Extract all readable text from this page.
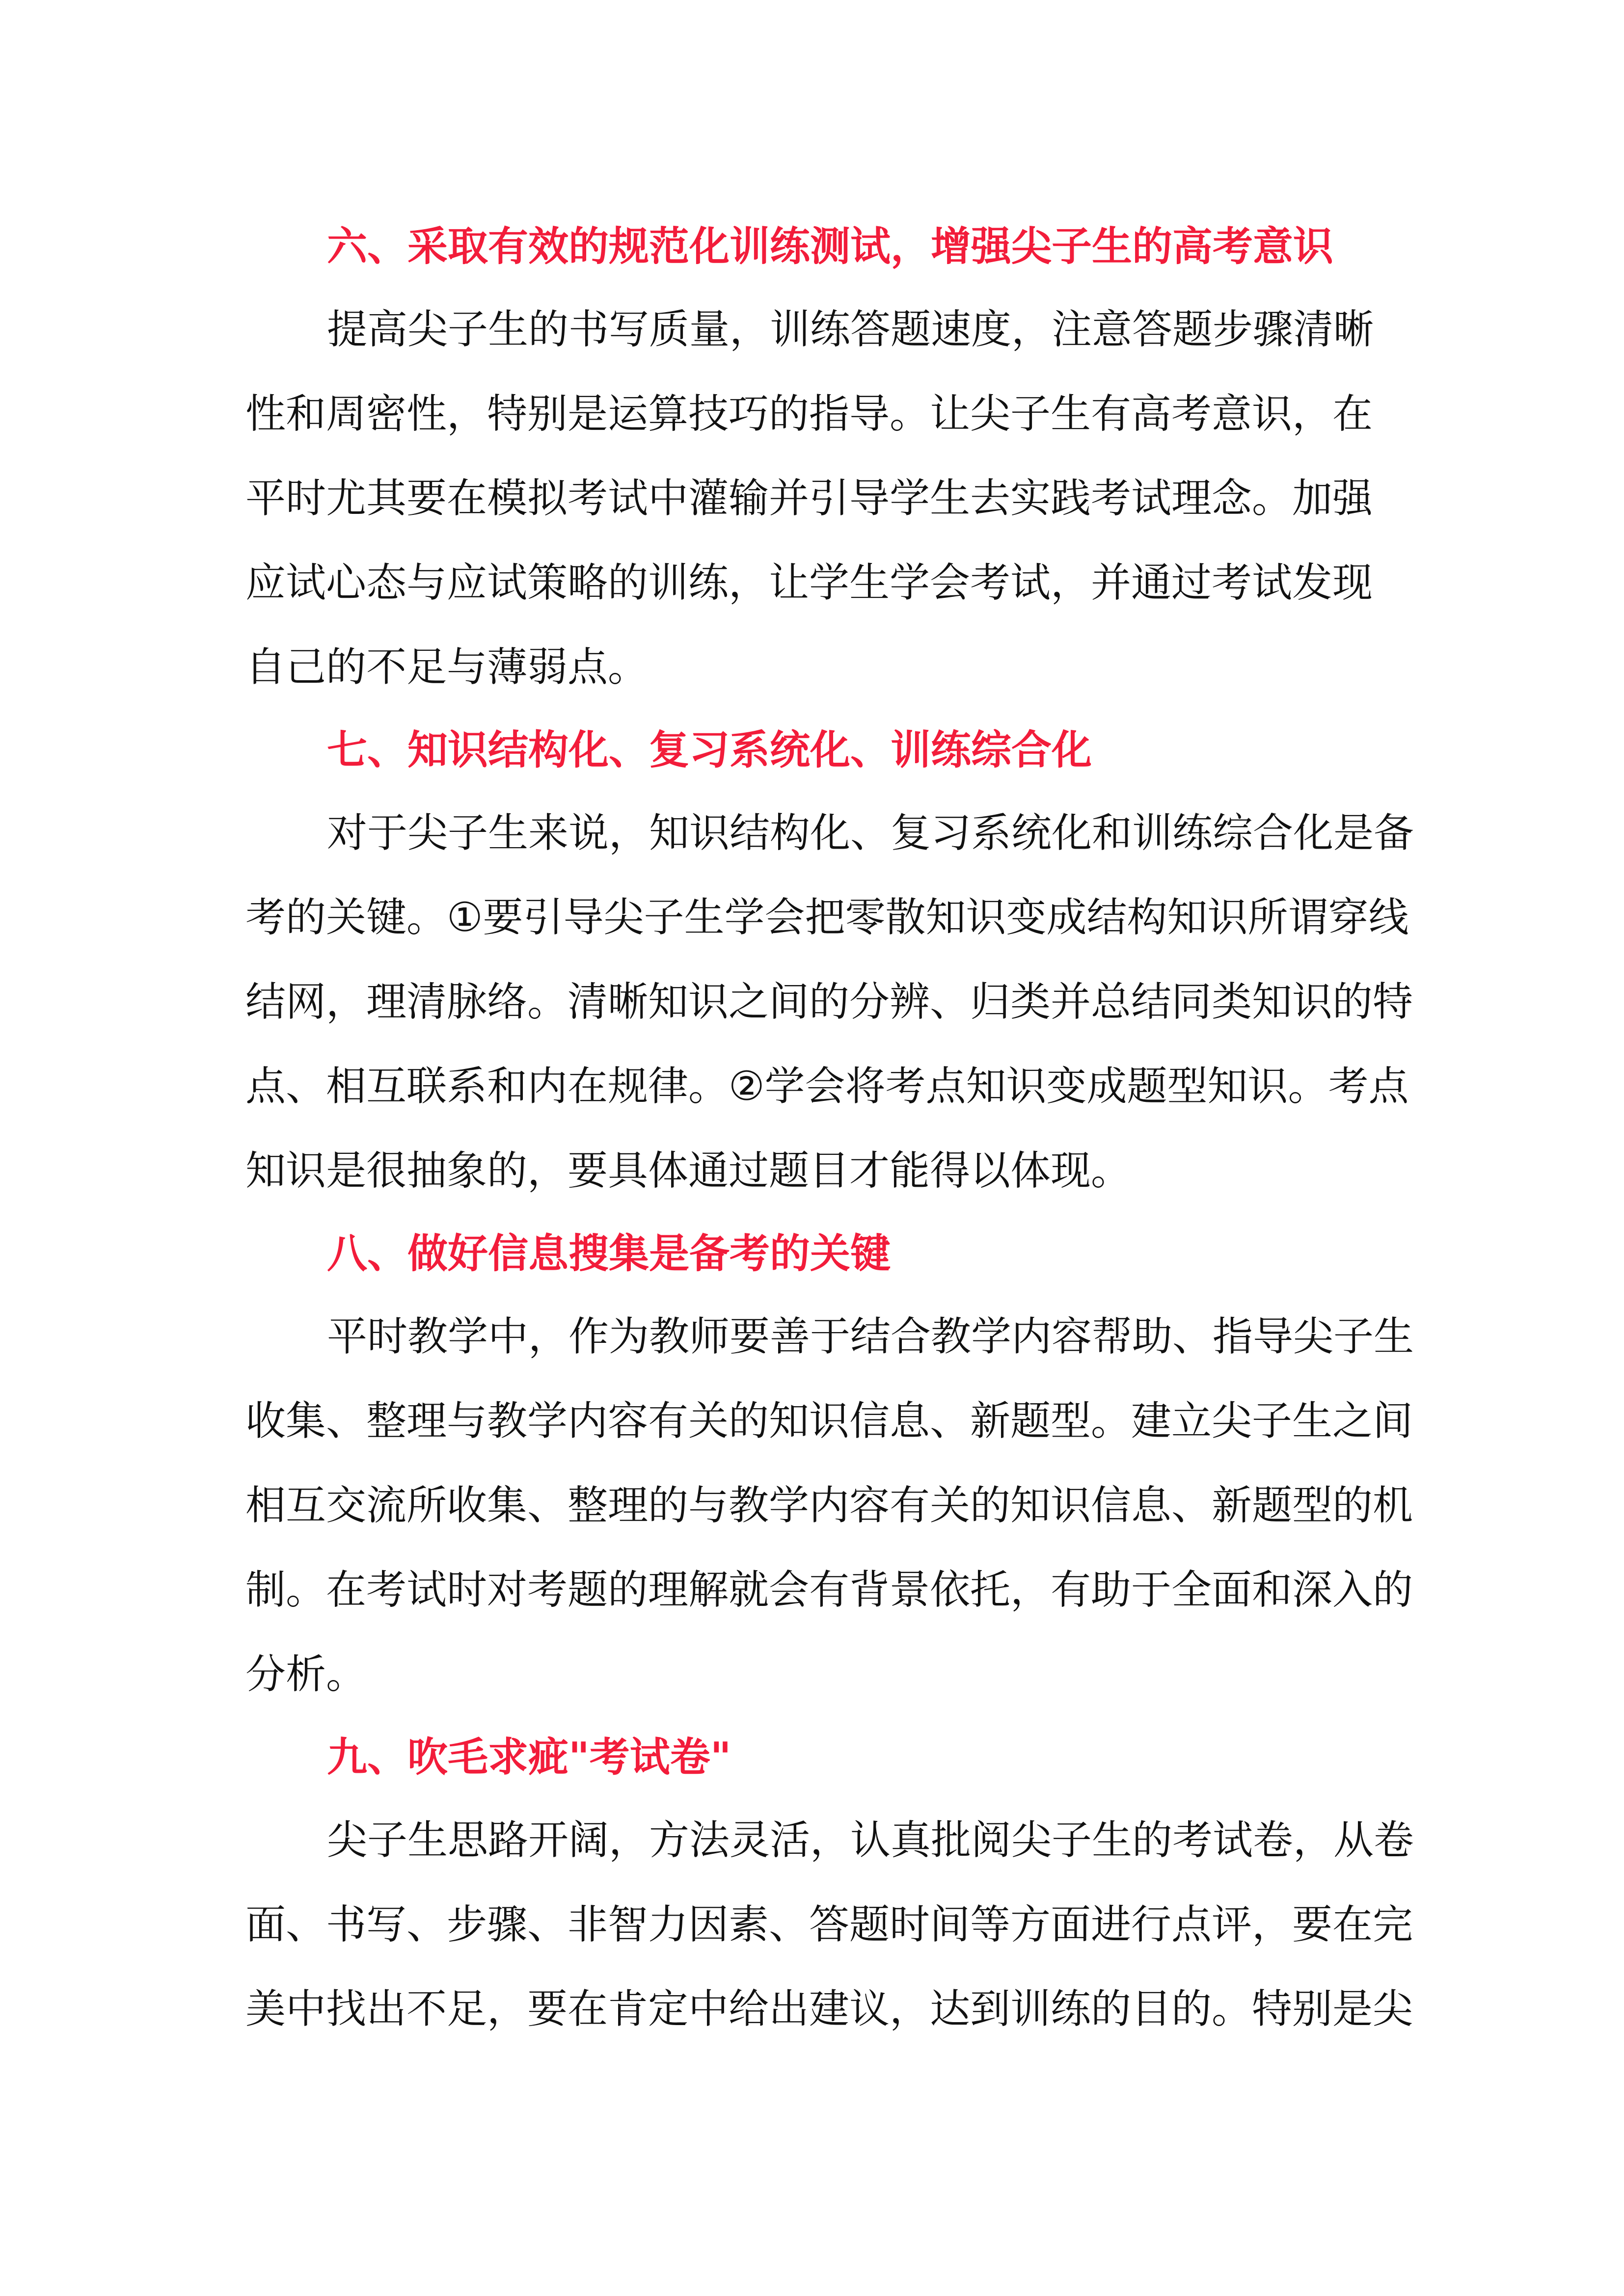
六、采取有效的规范化训练测试，增强尖子生的高考意识
提高尖子生的书写质量，训练答题速度，注意答题步骤清晰
性和周密性，特别是运算技巧的指导。让尖子生有高考意识，在
平时尤其要在模拟考试中灌输并引导学生去实践考试理念。加强
应试心态与应试策略的训练，让学生学会考试，并通过考试发现
自己的不足与薄弱点。
七、知识结构化、复习系统化、训练综合化
对于尖子生来说，知识结构化、复习系统化和训练综合化是备
考的关键。①要引导尖子生学会把零散知识变成结构知识所谓穿线
结网，理清脉络。清晰知识之间的分辨、归类并总结同类知识的特
点、相互联系和内在规律。②学会将考点知识变成题型知识。考点
知识是很抽象的，要具体通过题目才能得以体现。
八、做好信息搜集是备考的关键
平时教学中，作为教师要善于结合教学内容帮助、指导尖子生
收集、整理与教学内容有关的知识信息、新题型。建立尖子生之间
相互交流所收集、整理的与教学内容有关的知识信息、新题型的机
制。在考试时对考题的理解就会有背景依托，有助于全面和深入的
分析。
九、吹毛求疵"考试卷"
尖子生思路开阔，方法灵活，认真批阅尖子生的考试卷，从卷
面、书写、步骤、非智力因素、答题时间等方面进行点评，要在完
美中找出不足，要在肯定中给出建议，达到训练的目的。特别是尖
